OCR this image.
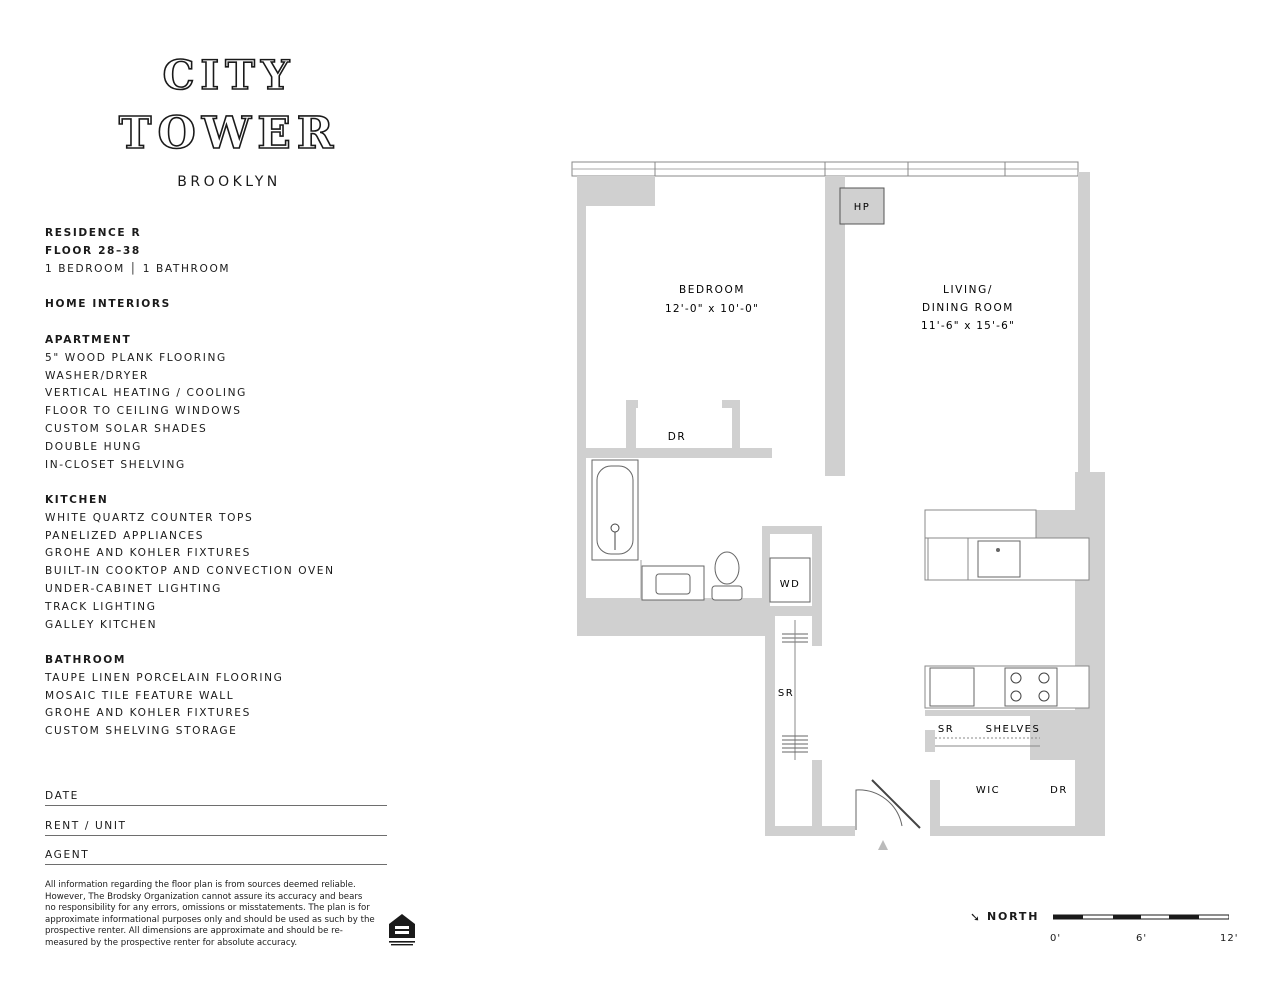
CITY
TOWER
BROOKLYN

RESIDENCE R

FLOOR 28–38

1 BEDROOM │ 1 BATHROOM

HOME INTERIORS

APARTMENT
5" WOOD PLANK FLOORING
WASHER/DRYER
VERTICAL HEATING / COOLING
FLOOR TO CEILING WINDOWS
CUSTOM SOLAR SHADES
DOUBLE HUNG
IN-CLOSET SHELVING
KITCHEN
WHITE QUARTZ COUNTER TOPS
PANELIZED APPLIANCES
GROHE AND KOHLER FIXTURES
BUILT-IN COOKTOP AND CONVECTION OVEN
UNDER-CABINET LIGHTING
TRACK LIGHTING
GALLEY KITCHEN
BATHROOM
TAUPE LINEN PORCELAIN FLOORING
MOSAIC TILE FEATURE WALL
GROHE AND KOHLER FIXTURES
CUSTOM SHELVING STORAGE
DATE
RENT / UNIT
AGENT

All information regarding the floor plan is from sources deemed reliable. However, The Brodsky Organization cannot assure its accuracy and bears no responsibility for any errors, omissions or misstatements. The plan is for approximate informational purposes only and should be used as such by the prospective renter. All dimensions are approximate and should be re-measured by the prospective renter for absolute accuracy.

HP
BEDROOM
12'-0" x 10'-0"
LIVING/
DINING ROOM
11'-6" x 15'-6"
DR
WD
SR
SR	SHELVES
WIC	DR
➘ NORTH
0'	6'	12'
